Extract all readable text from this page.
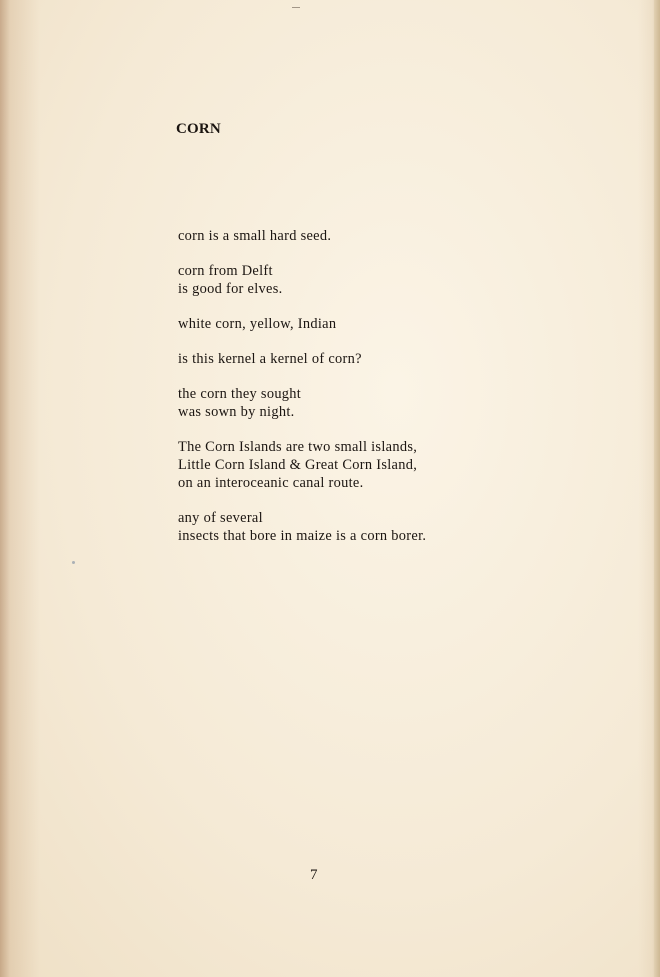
CORN
corn is a small hard seed.
corn from Delft
is good for elves.
white corn, yellow, Indian
is this kernel a kernel of corn?
the corn they sought
was sown by night.
The Corn Islands are two small islands,
Little Corn Island & Great Corn Island,
on an interoceanic canal route.
any of several
insects that bore in maize is a corn borer.
7
